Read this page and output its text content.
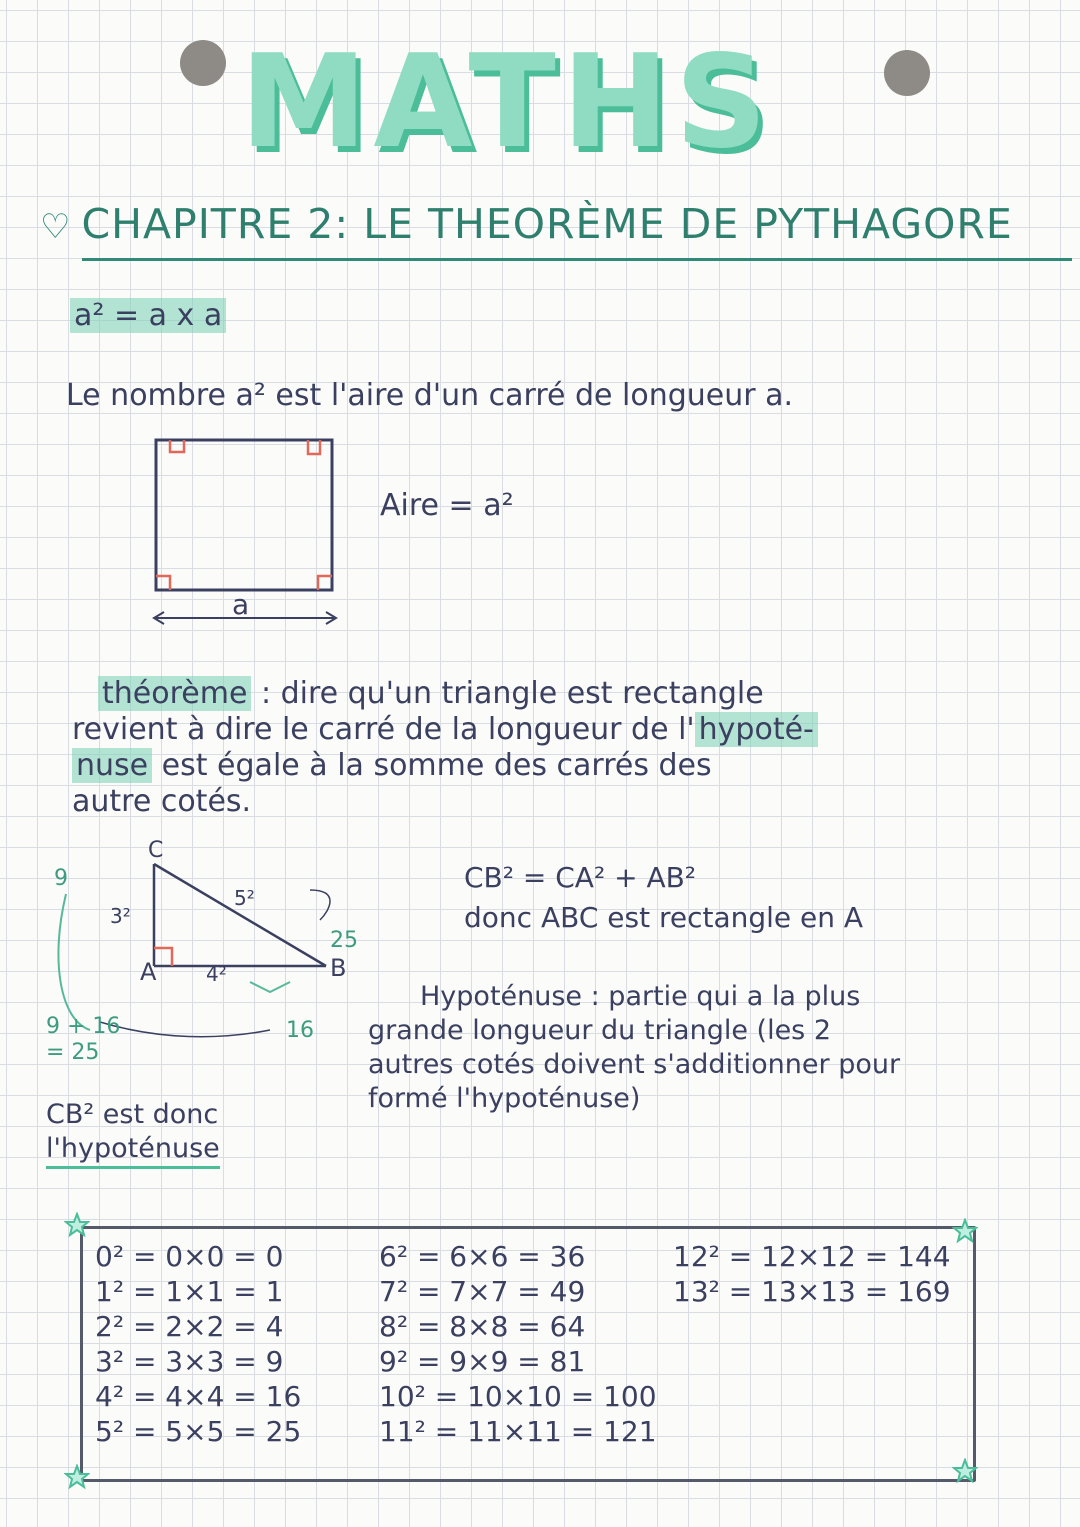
MATHS
♡ CHAPITRE 2: LE THEORÈME DE PYTHAGORE
a² = a x a
Le nombre a² est l'aire d'un carré de longueur a.
a
Aire = a²
théorème : dire qu'un triangle est rectangle
revient à dire le carré de la longueur de l' hypoté-
nuse est égale à la somme des carrés des
autre cotés.
C
A	B
3²
4²
5²
9
16
25
9 + 16
= 25
CB² est donc
l'hypoténuse
CB² = CA² + AB²
donc ABC est rectangle en A
Hypoténuse : partie qui a la plus
grande longueur du triangle (les 2
autres cotés doivent s'additionner pour
formé l'hypoténuse)
0² = 0×0 = 0
1² = 1×1 = 1
2² = 2×2 = 4
3² = 3×3 = 9
4² = 4×4 = 16
5² = 5×5 = 25
6² = 6×6 = 36
7² = 7×7 = 49
8² = 8×8 = 64
9² = 9×9 = 81
10² = 10×10 = 100
11² = 11×11 = 121
12² = 12×12 = 144
13² = 13×13 = 169
